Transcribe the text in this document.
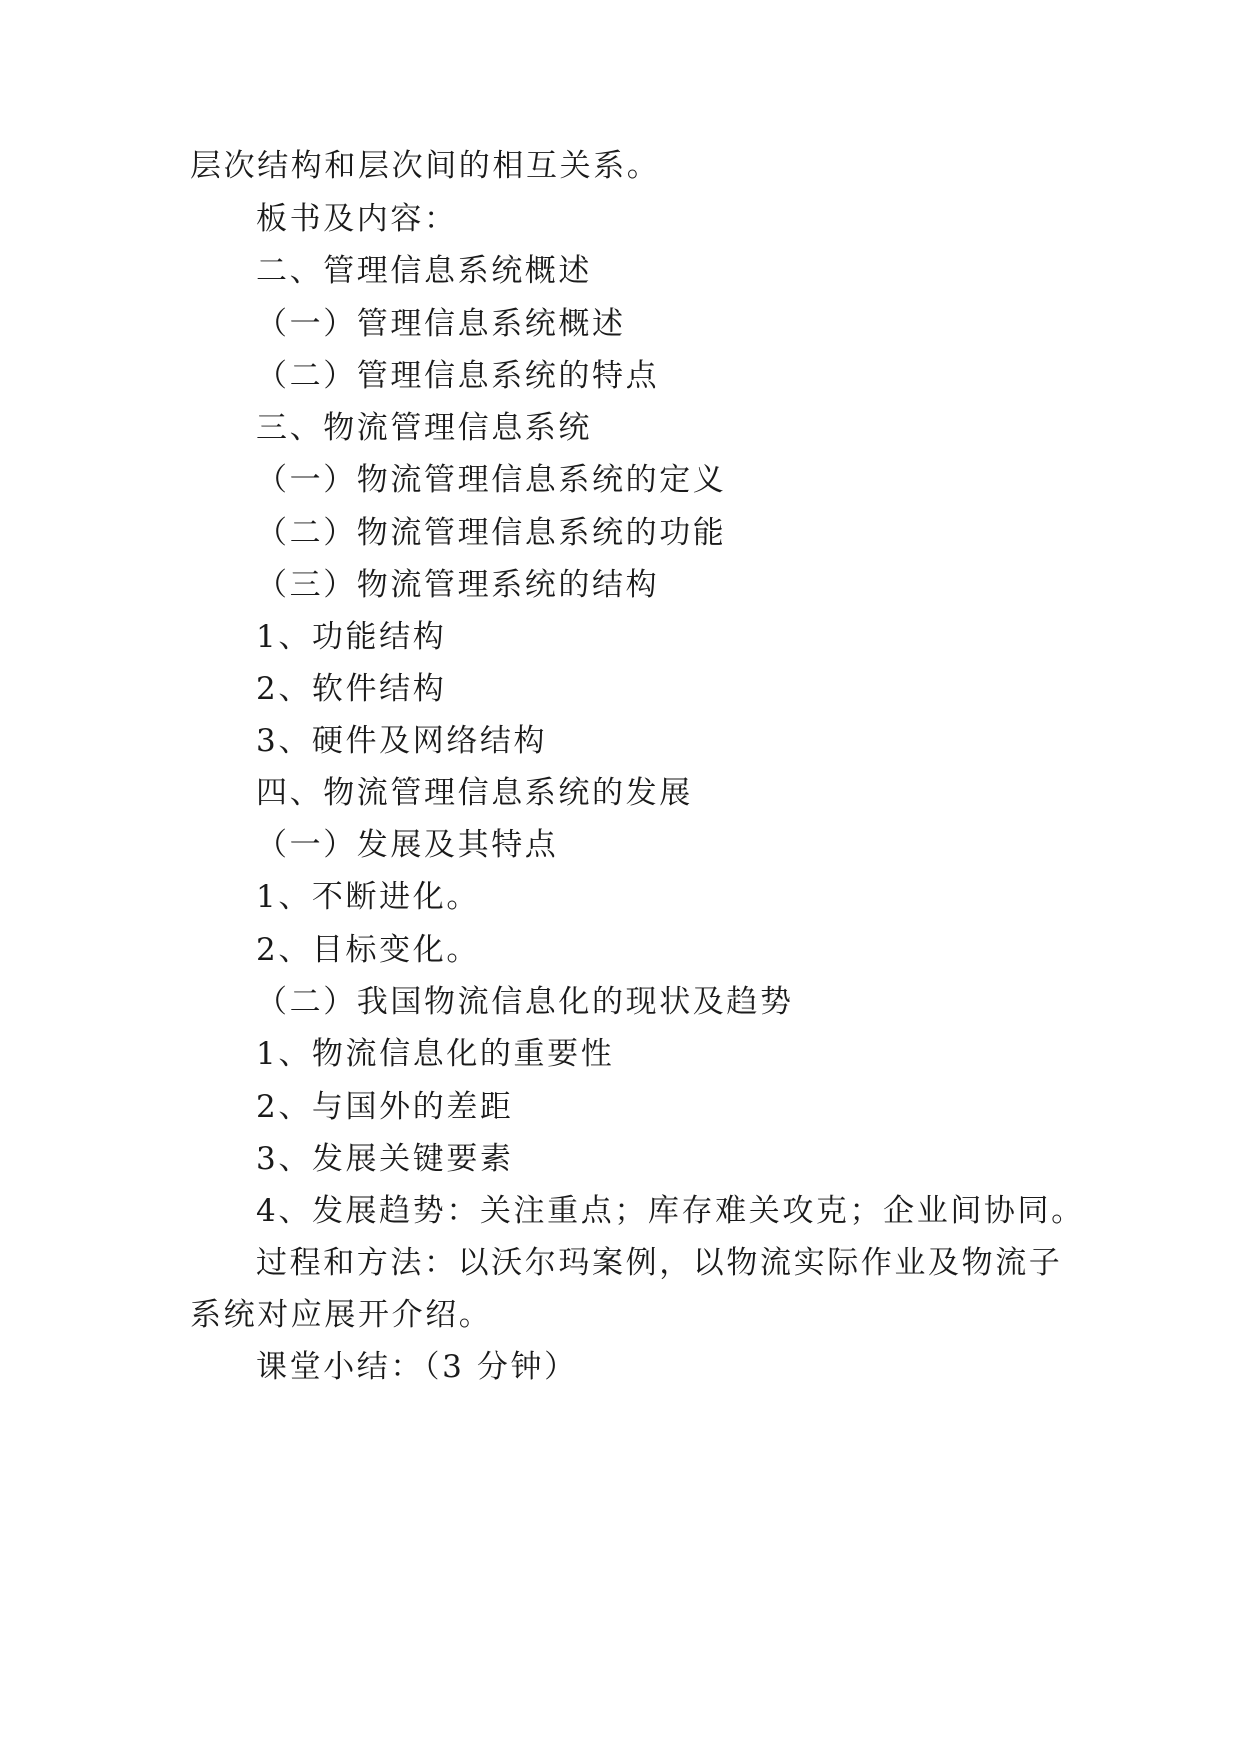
层次结构和层次间的相互关系。
板书及内容：
二、管理信息系统概述
（一）管理信息系统概述
（二）管理信息系统的特点
三、物流管理信息系统
（一）物流管理信息系统的定义
（二）物流管理信息系统的功能
（三）物流管理系统的结构
1、功能结构
2、软件结构
3、硬件及网络结构
四、物流管理信息系统的发展
（一）发展及其特点
1、不断进化。
2、目标变化。
（二）我国物流信息化的现状及趋势
1、物流信息化的重要性
2、与国外的差距
3、发展关键要素
4、发展趋势：关注重点；库存难关攻克；企业间协同。
过程和方法：以沃尔玛案例，以物流实际作业及物流子
系统对应展开介绍。
课堂小结：（3 分钟）
